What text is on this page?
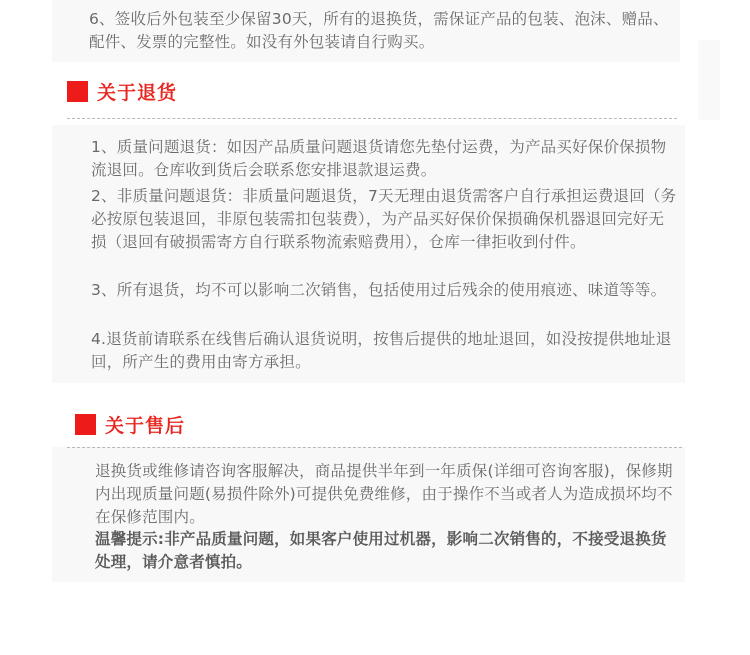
6、签收后外包装至少保留30天，所有的退换货，需保证产品的包装、泡沫、赠品、配件、发票的完整性。如没有外包装请自行购买。

关于退货

1、质量问题退货：如因产品质量问题退货请您先垫付运费，为产品买好保价保损物流退回。仓库收到货后会联系您安排退款退运费。

2、非质量问题退货：非质量问题退货，7天无理由退货需客户自行承担运费退回（务必按原包装退回，非原包装需扣包装费），为产品买好保价保损确保机器退回完好无损（退回有破损需寄方自行联系物流索赔费用），仓库一律拒收到付件。

3、所有退货，均不可以影响二次销售，包括使用过后残余的使用痕迹、味道等等。

4.退货前请联系在线售后确认退货说明，按售后提供的地址退回，如没按提供地址退回，所产生的费用由寄方承担。

关于售后

退换货或维修请咨询客服解决，商品提供半年到一年质保(详细可咨询客服)，保修期内出现质量问题(易损件除外)可提供免费维修，由于操作不当或者人为造成损坏均不在保修范围内。

温馨提示:非产品质量问题，如果客户使用过机器，影响二次销售的，不接受退换货处理，请介意者慎拍。
